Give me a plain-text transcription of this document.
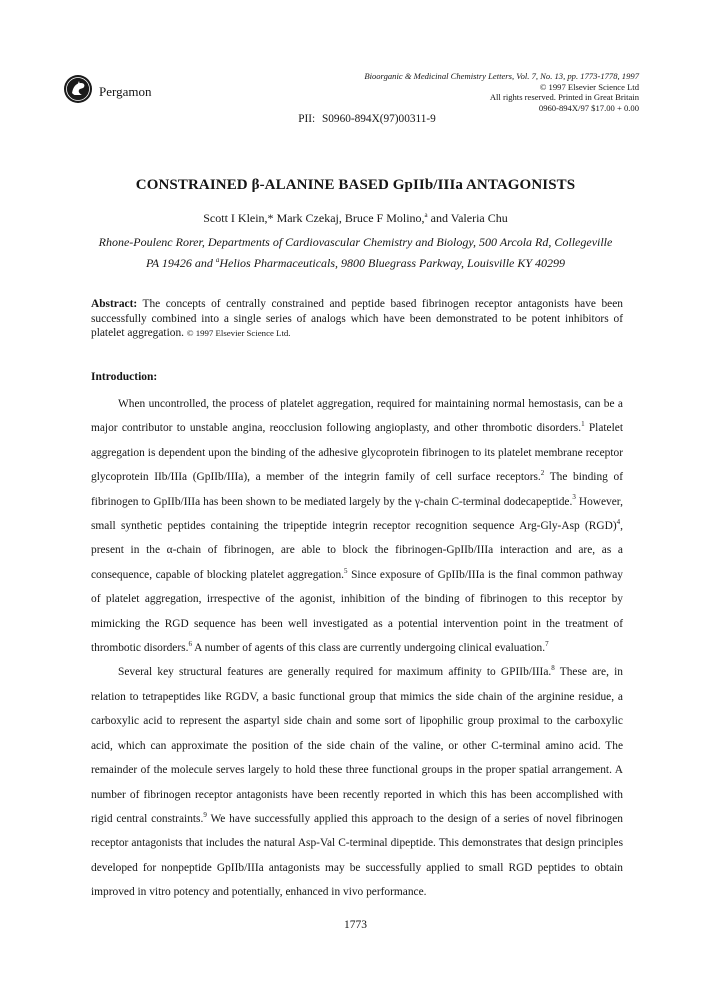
Pergamon
Bioorganic & Medicinal Chemistry Letters, Vol. 7, No. 13, pp. 1773-1778, 1997
© 1997 Elsevier Science Ltd
All rights reserved. Printed in Great Britain
0960-894X/97 $17.00 + 0.00
PII: S0960-894X(97)00311-9
CONSTRAINED β-ALANINE BASED GpIIb/IIIa ANTAGONISTS
Scott I Klein,* Mark Czekaj, Bruce F Molino,$^a$ and Valeria Chu
Rhone-Poulenc Rorer, Departments of Cardiovascular Chemistry and Biology, 500 Arcola Rd, Collegeville
PA 19426 and $^a$Helios Pharmaceuticals, 9800 Bluegrass Parkway, Louisville KY 40299
Abstract: The concepts of centrally constrained and peptide based fibrinogen receptor antagonists have been successfully combined into a single series of analogs which have been demonstrated to be potent inhibitors of platelet aggregation. © 1997 Elsevier Science Ltd.
Introduction:

When uncontrolled, the process of platelet aggregation, required for maintaining normal hemostasis, can be a major contributor to unstable angina, reocclusion following angioplasty, and other thrombotic disorders.$^1$ Platelet aggregation is dependent upon the binding of the adhesive glycoprotein fibrinogen to its platelet membrane receptor glycoprotein IIb/IIIa (GpIIb/IIIa), a member of the integrin family of cell surface receptors.$^2$ The binding of fibrinogen to GpIIb/IIIa has been shown to be mediated largely by the γ-chain C-terminal dodecapeptide.$^3$ However, small synthetic peptides containing the tripeptide integrin receptor recognition sequence Arg-Gly-Asp (RGD)$^4$, present in the α-chain of fibrinogen, are able to block the fibrinogen-GpIIb/IIIa interaction and are, as a consequence, capable of blocking platelet aggregation.$^5$ Since exposure of GpIIb/IIIa is the final common pathway of platelet aggregation, irrespective of the agonist, inhibition of the binding of fibrinogen to this receptor by mimicking the RGD sequence has been well investigated as a potential intervention point in the treatment of thrombotic disorders.$^6$ A number of agents of this class are currently undergoing clinical evaluation.$^7$

Several key structural features are generally required for maximum affinity to GPIIb/IIIa.$^8$ These are, in relation to tetrapeptides like RGDV, a basic functional group that mimics the side chain of the arginine residue, a carboxylic acid to represent the aspartyl side chain and some sort of lipophilic group proximal to the carboxylic acid, which can approximate the position of the side chain of the valine, or other C-terminal amino acid. The remainder of the molecule serves largely to hold these three functional groups in the proper spatial arrangement. A number of fibrinogen receptor antagonists have been recently reported in which this has been accomplished with rigid central constraints.$^9$ We have successfully applied this approach to the design of a series of novel fibrinogen receptor antagonists that includes the natural Asp-Val C-terminal dipeptide. This demonstrates that design principles developed for nonpeptide GpIIb/IIIa antagonists may be successfully applied to small RGD peptides to obtain improved in vitro potency and potentially, enhanced in vivo performance.

1773
